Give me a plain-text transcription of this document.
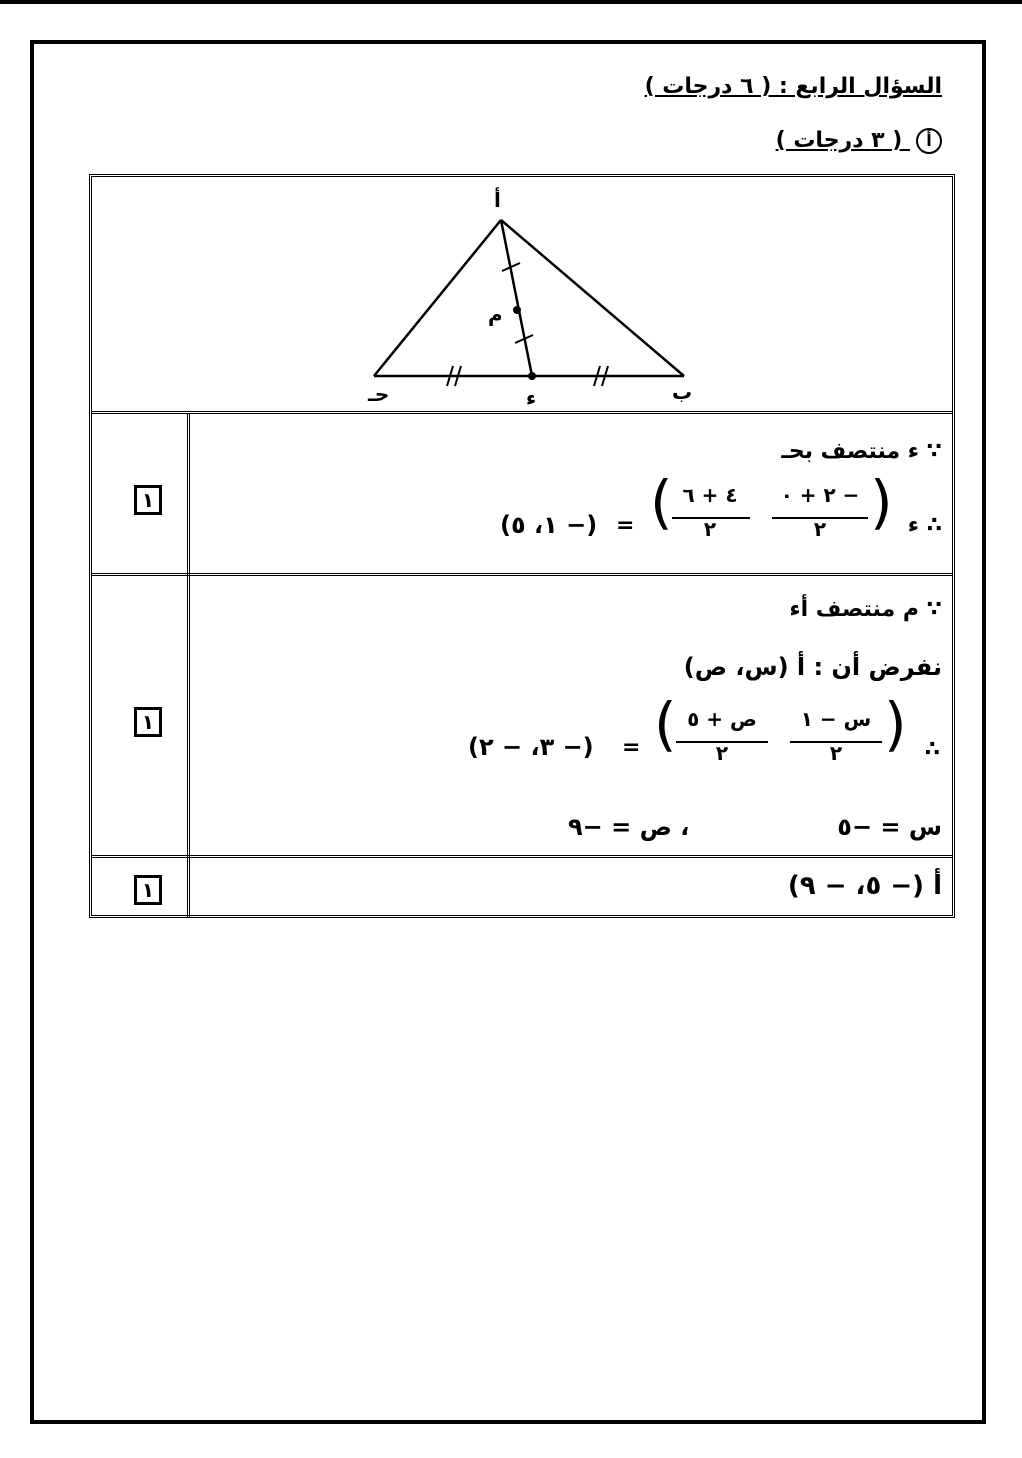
السؤال الرابع : ( ٦ درجات )
أ ( ٣ درجات )
أ
ب
حـ	ء
م
١
∵ ء منتصف ب‍حـ
∴ ء
)
− ٢ + ٠
٢
٤ + ٦
٢
(
=
(− ١، ٥)
١
∵ م منتصف أء
نفرض أن : أ (س، ص)
∴
)
س − ١
٢
ص + ٥
٢
(
=
(− ٣، − ٢)
س = −٥
، ص = −٩
١	أ (− ٥، − ٩)
